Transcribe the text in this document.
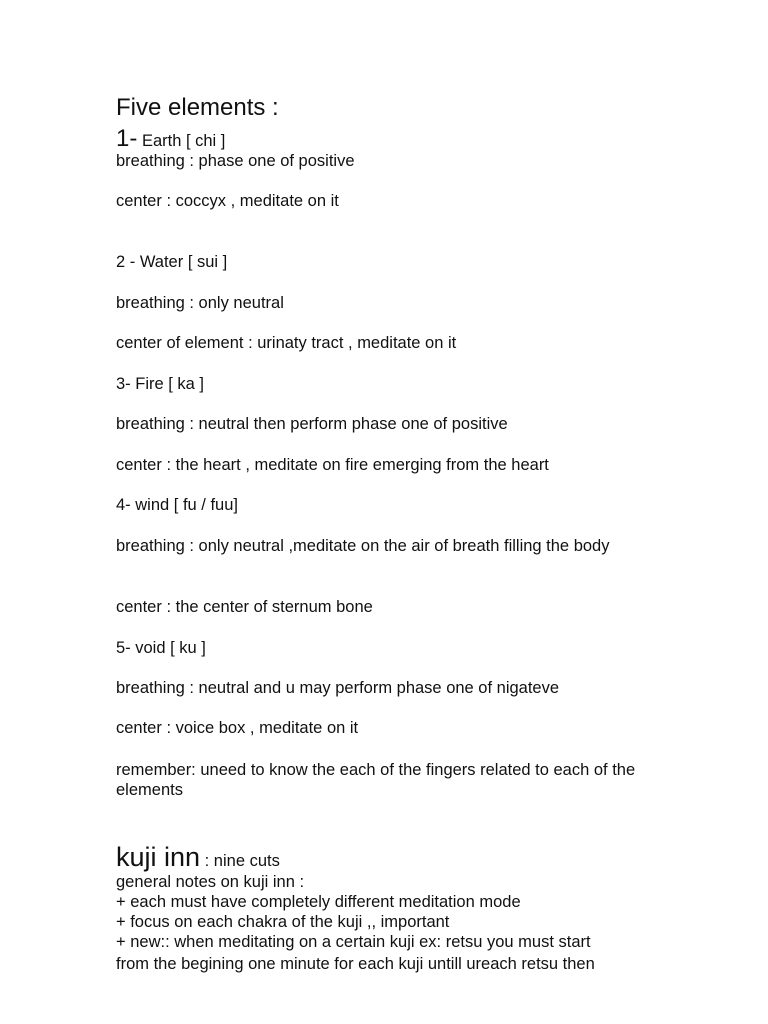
Five elements :
1- Earth [ chi ]
breathing : phase one of positive
center : coccyx , meditate on it
2 - Water [ sui ]
breathing : only neutral
center of element : urinaty tract , meditate on it
3- Fire [ ka ]
breathing : neutral then perform phase one of positive
center : the heart , meditate on fire emerging from the heart
4- wind [ fu / fuu]
breathing : only neutral ,meditate on the air of breath filling the body
center : the center of sternum bone
5- void [ ku ]
breathing : neutral and u may perform phase one of nigateve
center : voice box , meditate on it
remember: uneed to know the each of the fingers related to each of the elements
kuji inn : nine cuts
general notes on kuji inn :
+ each must have completely different meditation mode
+ focus on each chakra of the kuji ,, important
+ new:: when meditating on a certain kuji ex: retsu you must start
from the begining one minute for each kuji untill ureach retsu then
